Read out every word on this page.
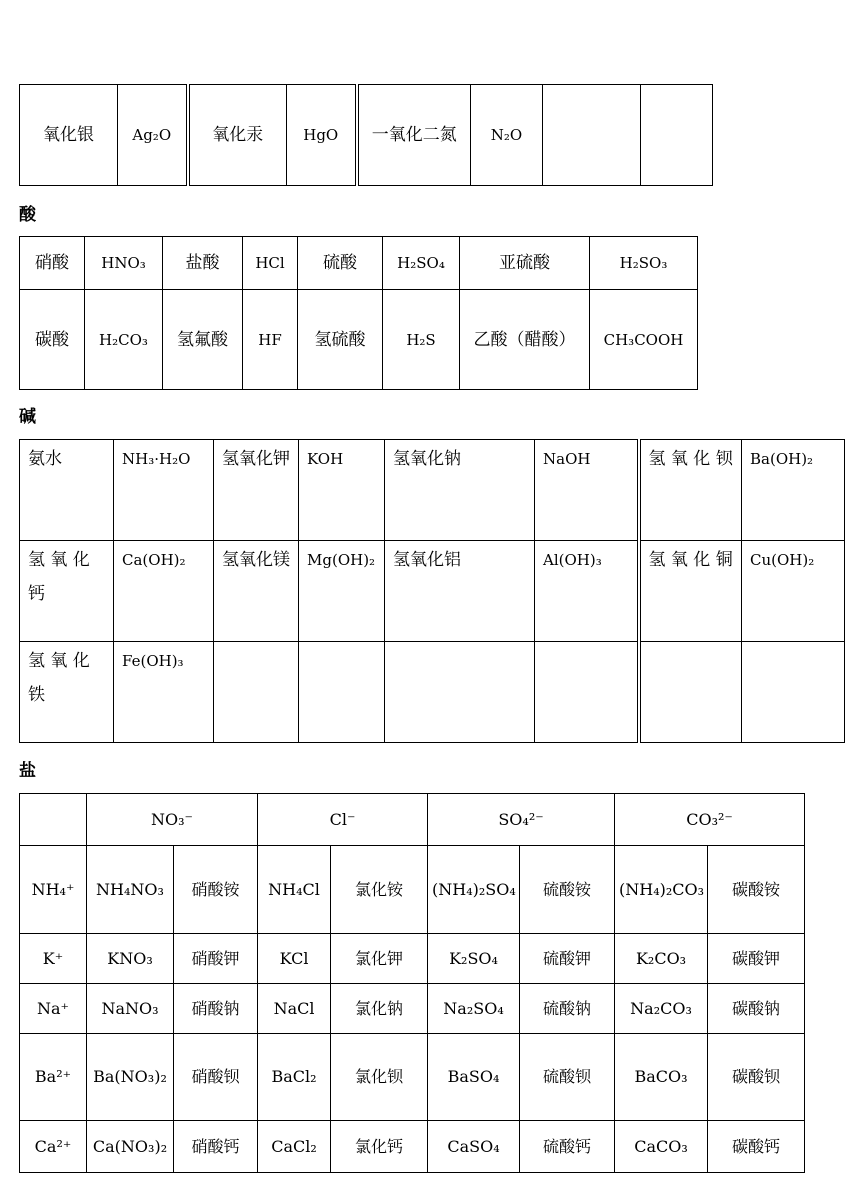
氧化银	Ag₂O	氧化汞	HgO	一氧化二氮	N₂O		
酸
硝酸	HNO₃	盐酸	HCl	硫酸	H₂SO₄	亚硫酸	H₂SO₃
碳酸	H₂CO₃	氢氟酸	HF	氢硫酸	H₂S	乙酸（醋酸）	CH₃COOH
碱
氨水	NH₃·H₂O	氢氧化钾	KOH	氢氧化钠	NaOH	氢 氧 化 钡	Ba(OH)₂
氢 氧 化 钙	Ca(OH)₂	氢氧化镁	Mg(OH)₂	氢氧化铝	Al(OH)₃	氢 氧 化 铜	Cu(OH)₂
氢 氧 化 铁	Fe(OH)₃						
盐
	NO₃⁻		Cl⁻		SO₄²⁻		CO₃²⁻	
NH₄⁺	NH₄NO₃	硝酸铵	NH₄Cl	氯化铵	(NH₄)₂SO₄	硫酸铵	(NH₄)₂CO₃	碳酸铵
K⁺	KNO₃	硝酸钾	KCl	氯化钾	K₂SO₄	硫酸钾	K₂CO₃	碳酸钾
Na⁺	NaNO₃	硝酸钠	NaCl	氯化钠	Na₂SO₄	硫酸钠	Na₂CO₃	碳酸钠
Ba²⁺	Ba(NO₃)₂	硝酸钡	BaCl₂	氯化钡	BaSO₄	硫酸钡	BaCO₃	碳酸钡
Ca²⁺	Ca(NO₃)₂	硝酸钙	CaCl₂	氯化钙	CaSO₄	硫酸钙	CaCO₃	碳酸钙
